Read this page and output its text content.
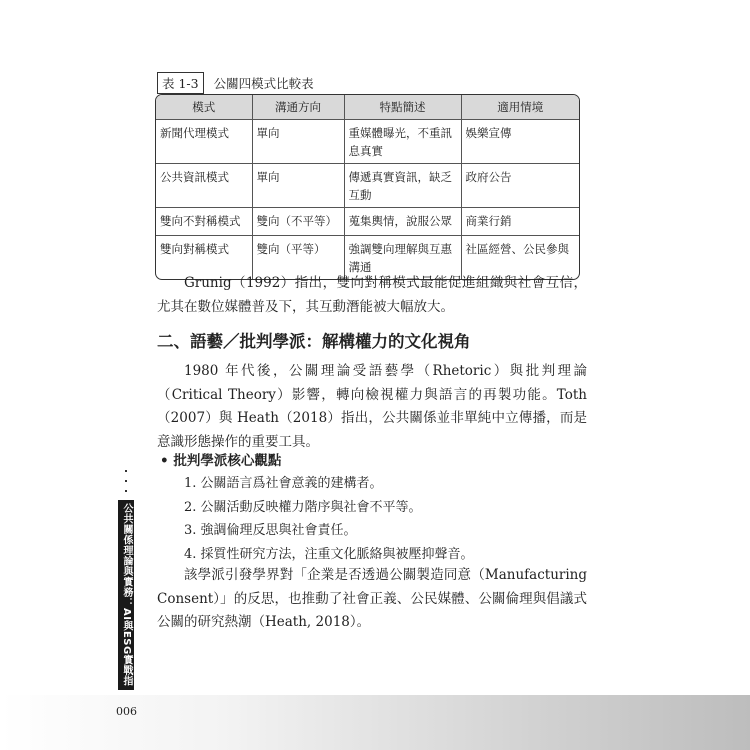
表 1-3	公關四模式比較表
模式	溝通方向	特點簡述	適用情境
新聞代理模式	單向	重媒體曝光，不重訊息真實	娛樂宣傳
公共資訊模式	單向	傳遞真實資訊，缺乏互動	政府公告
雙向不對稱模式	雙向（不平等）	蒐集輿情，說服公眾	商業行銷
雙向對稱模式	雙向（平等）	強調雙向理解與互惠溝通	社區經營、公民參與
Grunig（1992）指出，雙向對稱模式最能促進組織與社會互信，尤其在數位媒體普及下，其互動潛能被大幅放大。
二、語藝／批判學派：解構權力的文化視角
1980 年代後，公關理論受語藝學（Rhetoric）與批判理論（Critical Theory）影響，轉向檢視權力與語言的再製功能。Toth（2007）與 Heath（2018）指出，公共關係並非單純中立傳播，而是意識形態操作的重要工具。
• 批判學派核心觀點
1. 公關語言爲社會意義的建構者。
2. 公關活動反映權力階序與社會不平等。
3. 強調倫理反思與社會責任。
4. 採質性研究方法，注重文化脈絡與被壓抑聲音。
該學派引發學界對「企業是否透過公關製造同意（Manufacturing Consent）」的反思，也推動了社會正義、公民媒體、公關倫理與倡議式公關的研究熱潮（Heath, 2018）。
公共關係理論與實務：AI與ESG實戰指南
006
